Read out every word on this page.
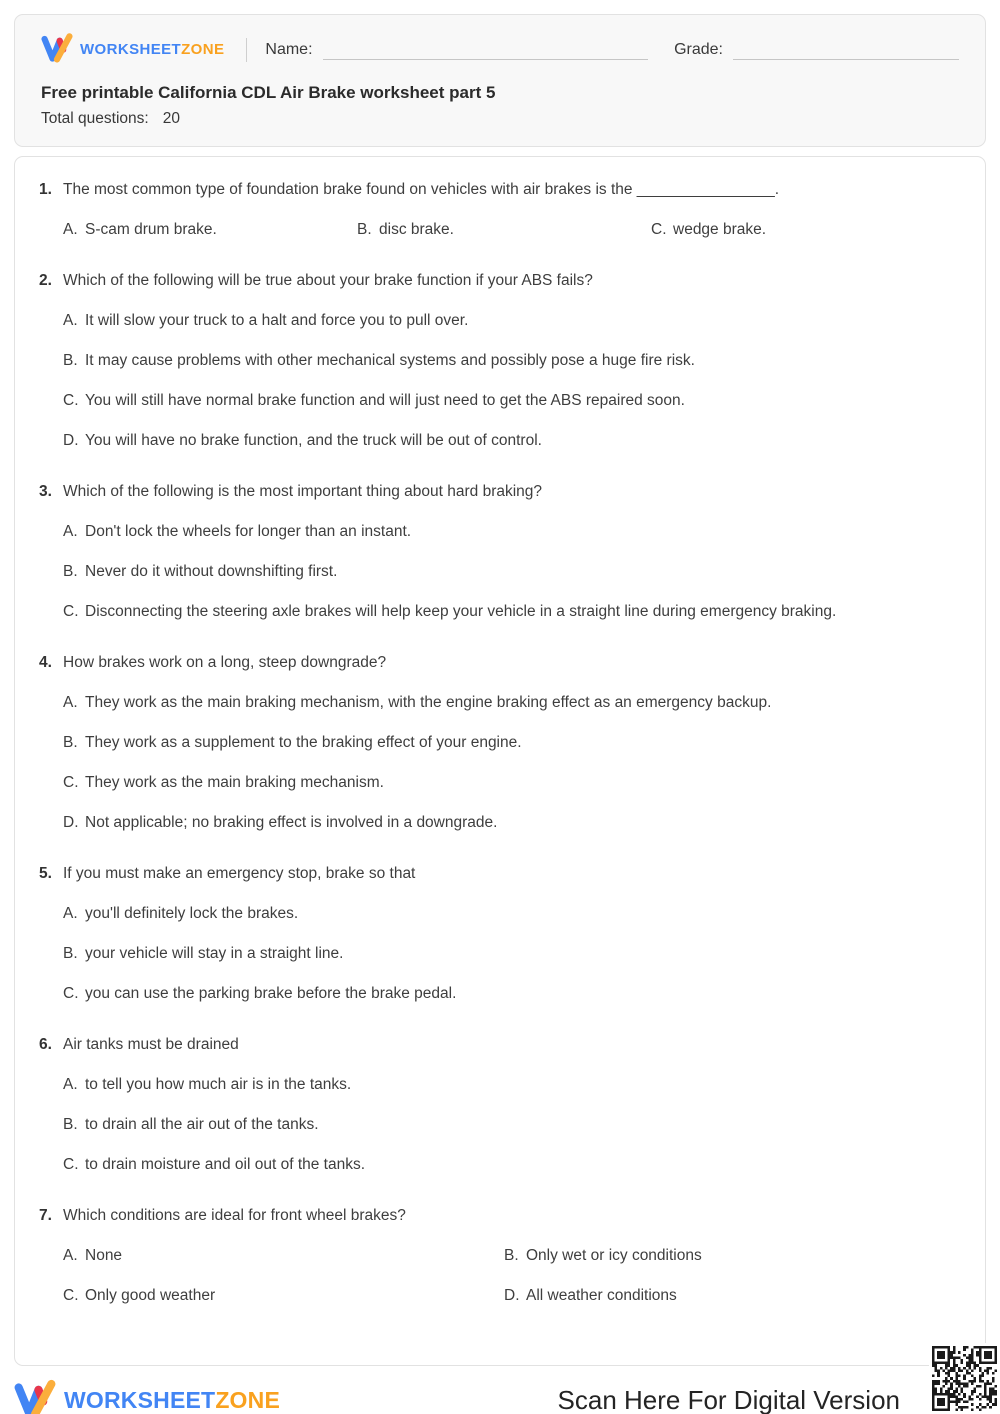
WORKSHEETZONE	Name:	Grade:
Free printable California CDL Air Brake worksheet part 5
Total questions: 20
1. The most common type of foundation brake found on vehicles with air brakes is the ________________.
A. S-cam drum brake.	B. disc brake.	C. wedge brake.
2. Which of the following will be true about your brake function if your ABS fails?
A. It will slow your truck to a halt and force you to pull over.
B. It may cause problems with other mechanical systems and possibly pose a huge fire risk.
C. You will still have normal brake function and will just need to get the ABS repaired soon.
D. You will have no brake function, and the truck will be out of control.
3. Which of the following is the most important thing about hard braking?
A. Don't lock the wheels for longer than an instant.
B. Never do it without downshifting first.
C. Disconnecting the steering axle brakes will help keep your vehicle in a straight line during emergency braking.
4. How brakes work on a long, steep downgrade?
A. They work as the main braking mechanism, with the engine braking effect as an emergency backup.
B. They work as a supplement to the braking effect of your engine.
C. They work as the main braking mechanism.
D. Not applicable; no braking effect is involved in a downgrade.
5. If you must make an emergency stop, brake so that
A. you'll definitely lock the brakes.
B. your vehicle will stay in a straight line.
C. you can use the parking brake before the brake pedal.
6. Air tanks must be drained
A. to tell you how much air is in the tanks.
B. to drain all the air out of the tanks.
C. to drain moisture and oil out of the tanks.
7. Which conditions are ideal for front wheel brakes?
A. None	B. Only wet or icy conditions
C. Only good weather	D. All weather conditions
WORKSHEETZONE	Scan Here For Digital Version
